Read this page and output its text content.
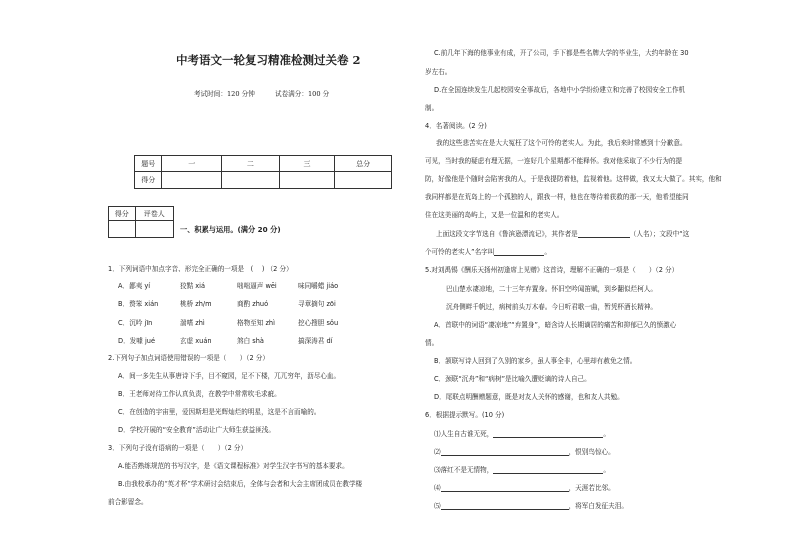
中考语文一轮复习精准检测过关卷 2
考试时间：120 分钟	试卷满分：100 分
题号	一	二	三	总分
得分				
得分	评卷人

一、积累与运用。(满分 20 分)
1．下列词语中加点字音、形完全正确的一项是　(　 ) （2 分）
A．鄙夷 yí	狡黠 xiá	咄咄逼声 wēi	味同嚼蜡 jiáo
B．赘笨 xián	桃桥 zh/m	商酌 zhuó	寻章摘句 zōi
C．沉吟 jīn	湍嗜 zhì	格物至知 zhì	挖心搜胆 sǒu
D．发噱 jué	玄虚 xuán	煞白 shà	搞深涛君 dí
2.下列句子加点词语使用错误的一项是（　　）（2 分）
A．间一多先生从事唐诗下手，目不窥园，足不下楼，兀兀穷年，沥尽心血。
B．王老师对待工作认真负责，在教学中常常吹毛求疵。
C．在创造的宇宙里，爱因斯坦是光辉灿烂的明星，这是不言而喻的。
D．学校开展的“安全教育”活动让广大师生获益匪浅。
3．下列句子没有语病的一项是（　　）（2 分）
A.能否熟练规范的书写汉字，是《语文课程标准》对学生汉字书写的基本要求。
B.由我校承办的“英才杯”学术研讨会结束后，全体与会者和大会主席团成员在教学楼
前合影留念。
C.前几年下海的他事业有成，开了公司，手下都是些名牌大学的毕业生，大约年龄在 30
岁左右。
D.在全国连续发生几起校园安全事故后，各地中小学纷纷建立和完善了校园安全工作机
制。
4．名著阅读。(2 分)
我的这些悲苦实在是大大冤枉了这个可怜的老实人。为此，我后来时常感到十分歉意。
可见，当时我的疑虑有理无据，一连好几个星期都不能释怀。我对他采取了不少行为的提
防，好像他是个随时会陷害我的人，于是我提防着他，监视着他。这样做，我又太大做了。其实，他和
我同样都是在荒岛上的一个孤独的人，跟我一样，他也在等待着获救的那一天，他希望能同
住在这美丽的岛屿上，又是一位温和的老实人。
上面这段文字节选自《鲁滨逊漂流记》，其作者是	（人名）；文段中“这
个可怜的老实人”名字叫	。
5.对刘禹锡《酬乐天扬州初逢席上见赠》这首诗，理解不正确的一项是（　　）（2 分）
巴山楚水凄凉地，二十三年弃置身。怀旧空吟闻笛赋，到乡翻似烂柯人。
沉舟侧畔千帆过，病树前头万木春。今日听君歌一曲，暂凭杯酒长精神。
A．首联中的词语“凄凉地”“弃置身”，暗含诗人长期谪居的痛苦和抑郁已久的愤激心
情。
B．颔联写诗人回到了久别的家乡，虽人事全非，心里却有赦免之情。
C．颈联“沉舟”和“病树”是比喻久遭贬谪的诗人自己。
D．尾联点明酬赠题意，既是对友人关怀的感谢，也和友人共勉。
6．根据提示默写。(10 分)
⑴人生自古谁无死，	。
⑵	，恨别鸟惊心。
⑶落红不是无情物，	。
⑷	，天涯若比邻。
⑸	，将军白发征夫泪。
